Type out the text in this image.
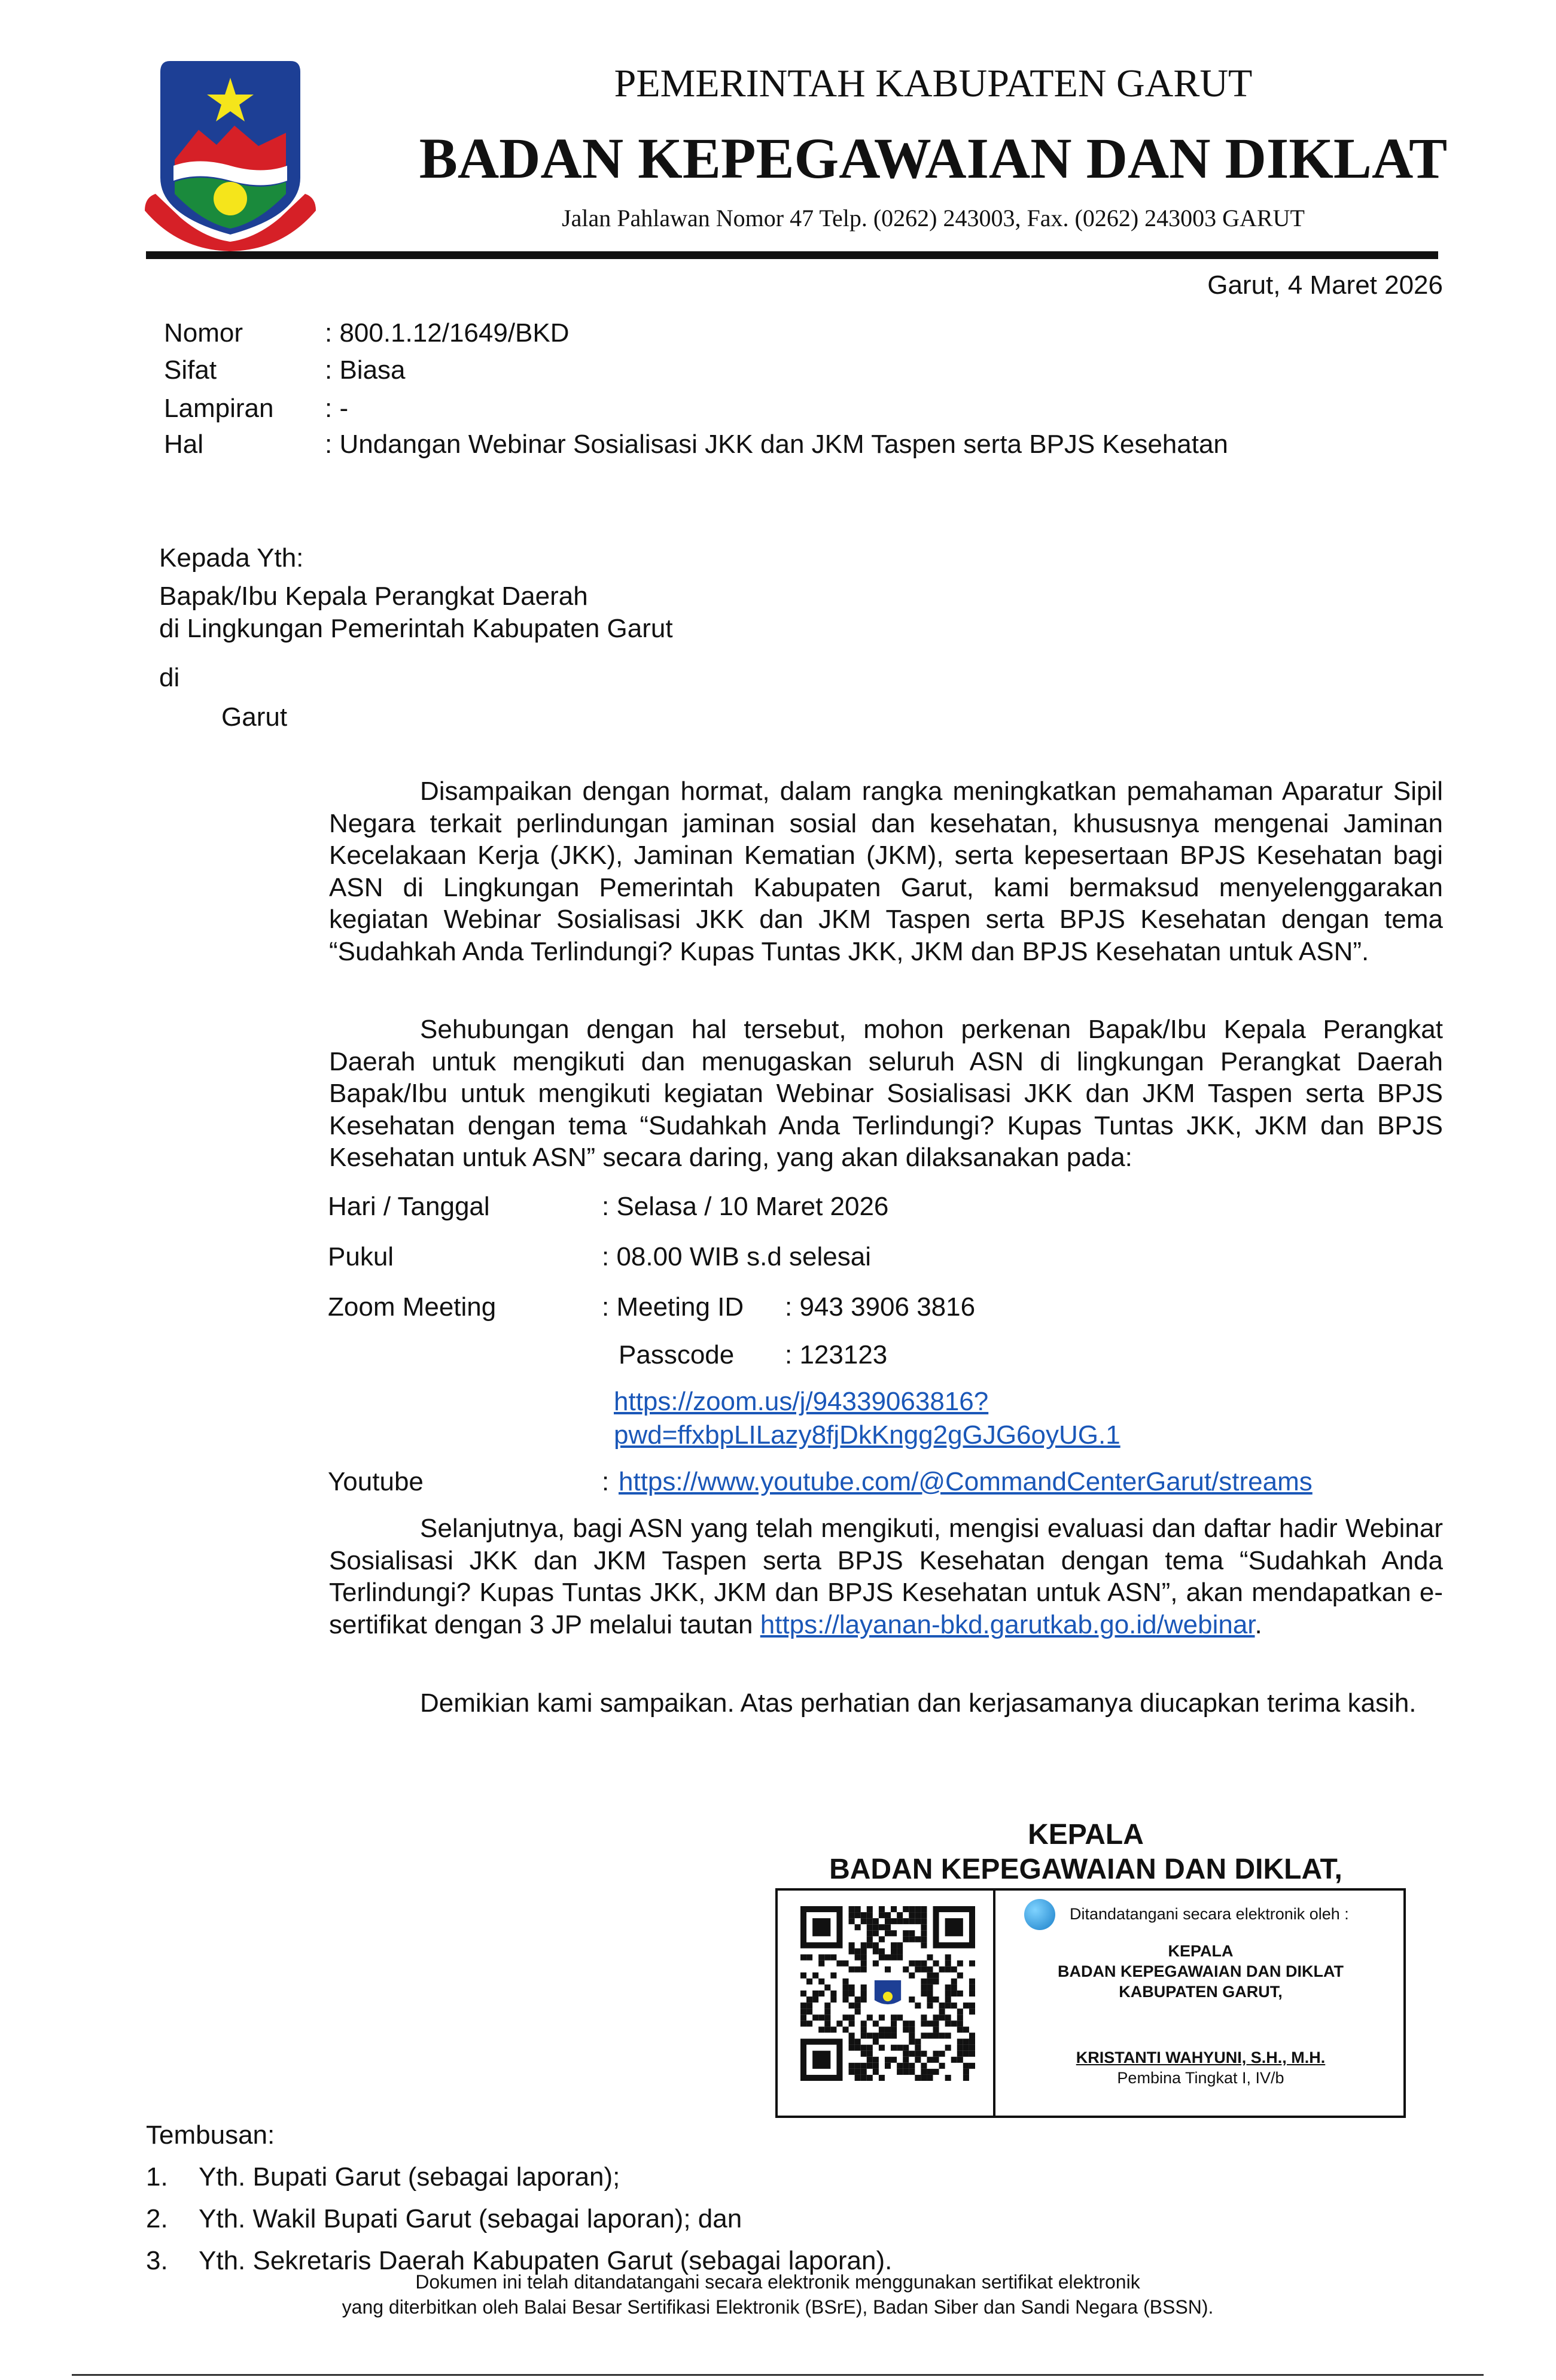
PEMERINTAH KABUPATEN GARUT
BADAN KEPEGAWAIAN DAN DIKLAT
Jalan Pahlawan Nomor 47 Telp. (0262) 243003, Fax. (0262) 243003 GARUT
Garut, 4 Maret 2026
Nomor	: 800.1.12/1649/BKD
Sifat	: Biasa
Lampiran : -
Hal	: Undangan Webinar Sosialisasi JKK dan JKM Taspen serta BPJS Kesehatan
Kepada Yth:
Bapak/Ibu Kepala Perangkat Daerah
di Lingkungan Pemerintah Kabupaten Garut
di
Garut
Disampaikan dengan hormat, dalam rangka meningkatkan pemahaman Aparatur Sipil Negara terkait perlindungan jaminan sosial dan kesehatan, khususnya mengenai Jaminan Kecelakaan Kerja (JKK), Jaminan Kematian (JKM), serta kepesertaan BPJS Kesehatan bagi ASN di Lingkungan Pemerintah Kabupaten Garut, kami bermaksud menyelenggarakan kegiatan Webinar Sosialisasi JKK dan JKM Taspen serta BPJS Kesehatan dengan tema “Sudahkah Anda Terlindungi? Kupas Tuntas JKK, JKM dan BPJS Kesehatan untuk ASN”.
Sehubungan dengan hal tersebut, mohon perkenan Bapak/Ibu Kepala Perangkat Daerah untuk mengikuti dan menugaskan seluruh ASN di lingkungan Perangkat Daerah Bapak/Ibu untuk mengikuti kegiatan Webinar Sosialisasi JKK dan JKM Taspen serta BPJS Kesehatan dengan tema “Sudahkah Anda Terlindungi? Kupas Tuntas JKK, JKM dan BPJS Kesehatan untuk ASN” secara daring, yang akan dilaksanakan pada:
Hari / Tanggal	: Selasa / 10 Maret 2026
Pukul	: 08.00 WIB s.d selesai
Zoom Meeting	: Meeting ID : 943 3906 3816
Passcode : 123123
https://zoom.us/j/94339063816?
pwd=ffxbpLILazy8fjDkKngg2gGJG6oyUG.1
Youtube	: https://www.youtube.com/@CommandCenterGarut/streams
Selanjutnya, bagi ASN yang telah mengikuti, mengisi evaluasi dan daftar hadir Webinar Sosialisasi JKK dan JKM Taspen serta BPJS Kesehatan dengan tema “Sudahkah Anda Terlindungi? Kupas Tuntas JKK, JKM dan BPJS Kesehatan untuk ASN”, akan mendapatkan e-sertifikat dengan 3 JP melalui tautan https://layanan-bkd.garutkab.go.id/webinar.
Demikian kami sampaikan. Atas perhatian dan kerjasamanya diucapkan terima kasih.
KEPALA
BADAN KEPEGAWAIAN DAN DIKLAT,
Ditandatangani secara elektronik oleh :
KEPALA
BADAN KEPEGAWAIAN DAN DIKLAT
KABUPATEN GARUT,
KRISTANTI WAHYUNI, S.H., M.H.
Pembina Tingkat I, IV/b
Tembusan:
1. Yth. Bupati Garut (sebagai laporan);
2. Yth. Wakil Bupati Garut (sebagai laporan); dan
3. Yth. Sekretaris Daerah Kabupaten Garut (sebagai laporan).
Dokumen ini telah ditandatangani secara elektronik menggunakan sertifikat elektronik
yang diterbitkan oleh Balai Besar Sertifikasi Elektronik (BSrE), Badan Siber dan Sandi Negara (BSSN).
